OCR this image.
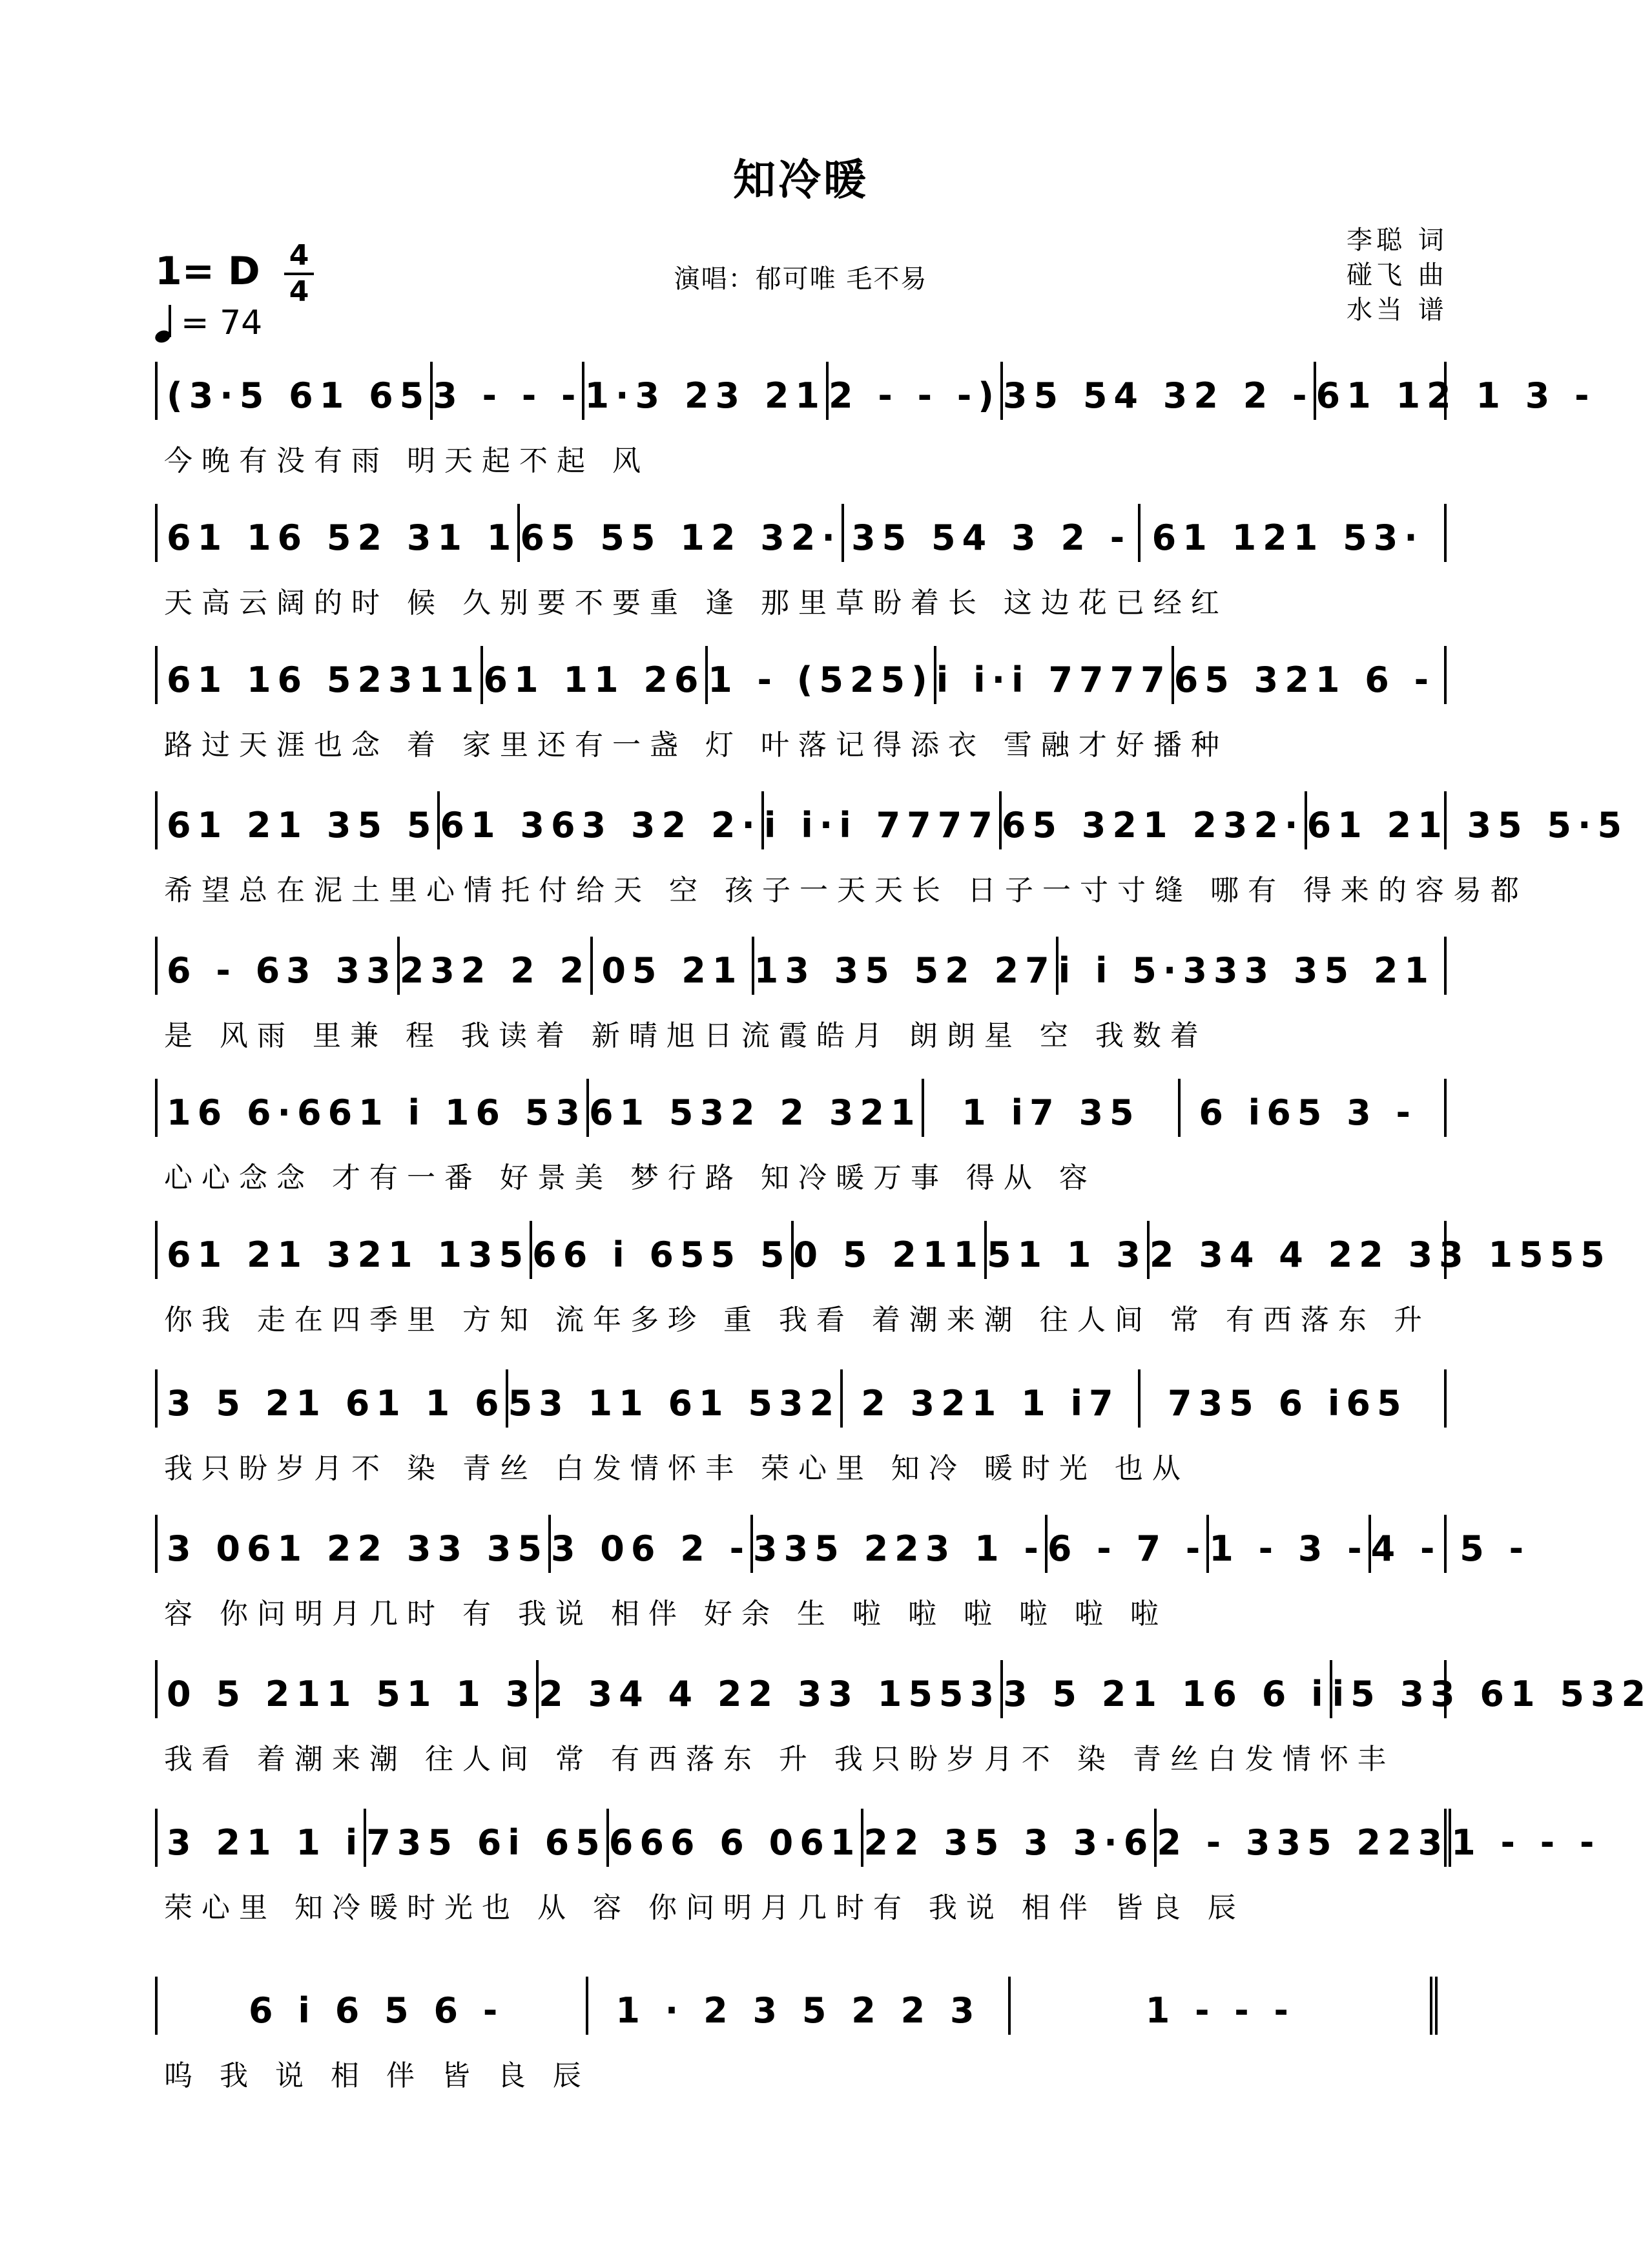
知冷暖
1= D 4
4
= 74
演唱：郁可唯 毛不易
李聪 词
碰飞 曲
水当 谱
(3·5 61 65 3 - - - 1·3 23 21 2 - - -) 35 54 32 2 - 61 12 1 3 -
今晚有没有雨 明天起不起 风
61 16 52 31 1 65 55 12 32· 35 54 3 2 - 61 121 53·
天高云阔的时 候 久别要不要重 逢 那里草盼着长 这边花已经红
61 16 52311 61 11 26 1 - (525) i i·i 7777 65 321 6 -
路过天涯也念 着 家里还有一盏 灯 叶落记得添衣 雪融才好播种
61 21 35 5 61 363 32 2· i i·i 7777 65 321 232· 61 21 35 5·5
希望总在泥土里心情托付给天 空 孩子一天天长 日子一寸寸缝 哪有 得来的容易都
6 - 63 33 232 2 2 05 21 13 35 52 27 i i 5·333 35 21
是 风雨 里兼 程 我读着 新晴旭日流霞皓月 朗朗星 空 我数着
16 6·661 i 16 53 61 532 2 321	1 i7 35	6 i65 3 -
心心念念 才有一番 好景美 梦行路 知冷暖万事 得从 容
61 21 321 135 66 i 655 5 0 5 211 51 1 3 2 34 4 22 33 1555
你我 走在四季里 方知 流年多珍 重 我看 着潮来潮 往人间 常 有西落东 升
3 5 21 61 1 6 53 11 61 532 2 321 1 i7	735 6 i65
我只盼岁月不 染 青丝 白发情怀丰 荣心里 知冷 暖时光 也从
3 061 22 33 35 3 06 2 - 335 223 1 - 6 - 7 - 1 - 3 - 4 - 5 -
容 你问明月几时 有 我说 相伴 好余 生 啦 啦 啦 啦 啦 啦
0 5 211 51 1 3 2 34 4 22 33 1553 3 5 21 16 6 i i5 33 61 532
我看 着潮来潮 往人间 常 有西落东 升 我只盼岁月不 染 青丝白发情怀丰
3 21 1 i 735 6i 65 666 6 061 22 35 3 3·6 2 - 335 223 1 - - -
荣心里 知冷暖时光也 从 容 你问明月几时有 我说 相伴 皆良 辰
6 i 6 5 6 -	1 · 2 3 5 2 2 3	1 - - -
呜 我 说 相 伴 皆 良 辰
